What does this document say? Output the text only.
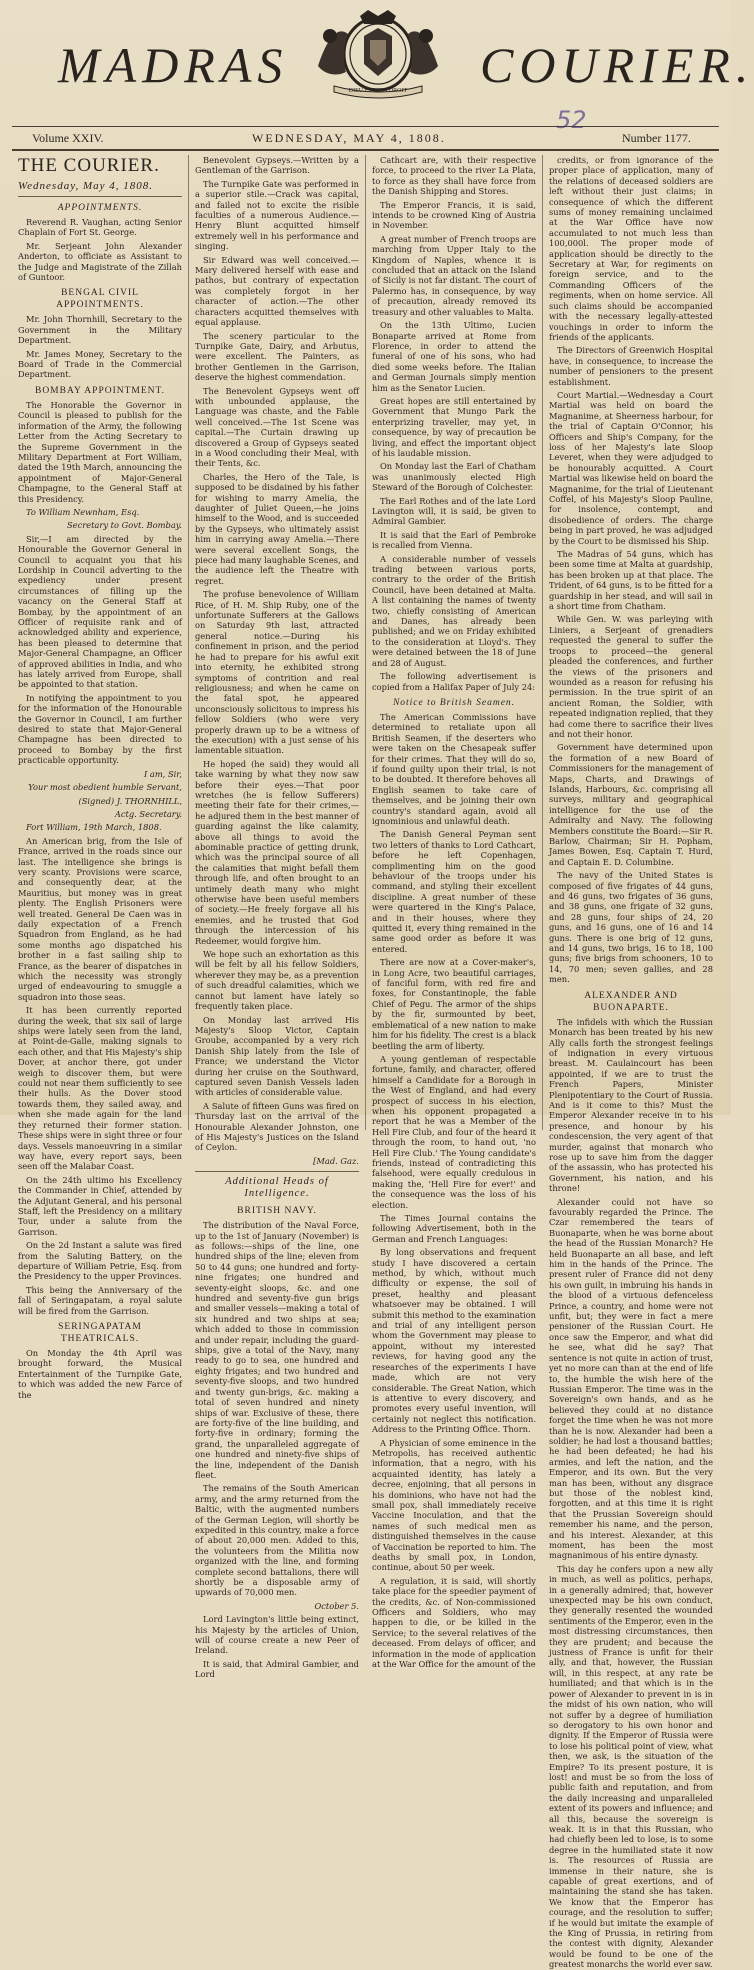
MADRAS	DIEU ET MON DROIT COURIER.
52
Volume XXIV.	WEDNESDAY, MAY 4, 1808.	Number 1177.
THE COURIER.
Wednesday, May 4, 1808.
APPOINTMENTS.

Reverend R. Vaughan, acting Senior Chaplain of Fort St. George.

Mr. Serjeant John Alexander Anderton, to officiate as Assistant to the Judge and Magistrate of the Zillah of Guntoor.

BENGAL CIVIL APPOINTMENTS.

Mr. John Thornhill, Secretary to the Government in the Military Department.

Mr. James Money, Secretary to the Board of Trade in the Commercial Department.

BOMBAY APPOINTMENT.

The Honorable the Governor in Council is pleased to publish for the information of the Army, the following Letter from the Acting Secretary to the Supreme Government in the Military Department at Fort William, dated the 19th March, announcing the appointment of Major-General Champagne, to the General Staff at this Presidency.

To William Newnham, Esq.

Secretary to Govt. Bombay.

Sir,—I am directed by the Honourable the Governor General in Council to acquaint you that his Lordship in Council adverting to the expediency under present circumstances of filling up the vacancy on the General Staff at Bombay, by the appointment of an Officer of requisite rank and of acknowledged ability and experience, has been pleased to determine that Major-General Champagne, an Officer of approved abilities in India, and who has lately arrived from Europe, shall be appointed to that station.

In notifying the appointment to you for the information of the Honourable the Governor in Council, I am further desired to state that Major-General Champagne has been directed to proceed to Bombay by the first practicable opportunity.

I am, Sir,

Your most obedient humble Servant,

(Signed) J. THORNHILL,

Actg. Secretary.

Fort William, 19th March, 1808.

An American brig, from the Isle of France, arrived in the roads since our last. The intelligence she brings is very scanty. Provisions were scarce, and consequently dear, at the Mauritius, but money was in great plenty. The English Prisoners were well treated. General De Caen was in daily expectation of a French Squadron from England, as he had some months ago dispatched his brother in a fast sailing ship to France, as the bearer of dispatches in which the necessity was strongly urged of endeavouring to smuggle a squadron into those seas.

It has been currently reported during the week, that six sail of large ships were lately seen from the land, at Point-de-Galle, making signals to each other, and that His Majesty's ship Dover, at anchor there, got under weigh to discover them, but were could not near them sufficiently to see their hulls. As the Dover stood towards them, they sailed away, and when she made again for the land they returned their former station. These ships were in sight three or four days. Vessels manoeuvring in a similar way have, every report says, been seen off the Malabar Coast.

On the 24th ultimo his Excellency the Commander in Chief, attended by the Adjutant General, and his personal Staff, left the Presidency on a military Tour, under a salute from the Garrison.

On the 2d Instant a salute was fired from the Saluting Battery, on the departure of William Petrie, Esq. from the Presidency to the upper Provinces.

This being the Anniversary of the fall of Seringapatam, a royal salute will be fired from the Garrison.

SERINGAPATAM THEATRICALS.

On Monday the 4th April was brought forward, the Musical Entertainment of the Turnpike Gate, to which was added the new Farce of the

Benevolent Gypseys.—Written by a Gentleman of the Garrison.

The Turnpike Gate was performed in a superior stile.—Crack was capital, and failed not to excite the risible faculties of a numerous Audience.—Henry Blunt acquitted himself extremely well in his performance and singing.

Sir Edward was well conceived.—Mary delivered herself with ease and pathos, but contrary of expectation was completely forgot in her character of action.—The other characters acquitted themselves with equal applause.

The scenery particular to the Turnpike Gate, Dairy, and Arbutus, were excellent. The Painters, as brother Gentlemen in the Garrison, deserve the highest commendation.

The Benevolent Gypseys went off with unbounded applause, the Language was chaste, and the Fable well conceived.—The 1st Scene was capital.—The Curtain drawing up discovered a Group of Gypseys seated in a Wood concluding their Meal, with their Tents, &c.

Charles, the Hero of the Tale, is supposed to be disdained by his father for wishing to marry Amelia, the daughter of Juliet Queen,—he joins himself to the Wood, and is succeeded by the Gypseys, who ultimately assist him in carrying away Amelia.—There were several excellent Songs, the piece had many laughable Scenes, and the audience left the Theatre with regret.

The profuse benevolence of William Rice, of H. M. Ship Ruby, one of the unfortunate Sufferers at the Gallows on Saturday 9th last, attracted general notice.—During his confinement in prison, and the period he had to prepare for his awful exit into eternity, he exhibited strong symptoms of contrition and real religiousness; and when he came on the fatal spot, he appeared unconsciously solicitous to impress his fellow Soldiers (who were very properly drawn up to be a witness of the execution) with a just sense of his lamentable situation.

He hoped (he said) they would all take warning by what they now saw before their eyes.—That poor wretches (he is fellow Sufferers) meeting their fate for their crimes,—he adjured them in the best manner of guarding against the like calamity, above all things to avoid the abominable practice of getting drunk, which was the principal source of all the calamities that might befall them through life, and often brought to an untimely death many who might otherwise have been useful members of society.—He freely forgave all his enemies, and he trusted that God through the intercession of his Redeemer, would forgive him.

We hope such an exhortation as this will be felt by all his fellow Soldiers, wherever they may be, as a prevention of such dreadful calamities, which we cannot but lament have lately so frequently taken place.

On Monday last arrived His Majesty's Sloop Victor, Captain Groube, accompanied by a very rich Danish Ship lately from the Isle of France; we understand the Victor during her cruise on the Southward, captured seven Danish Vessels laden with articles of considerable value.

A Salute of fifteen Guns was fired on Thursday last on the arrival of the Honourable Alexander Johnston, one of His Majesty's Justices on the Island of Ceylon.

[Mad. Gaz.

Additional Heads of Intelligence.
BRITISH NAVY.

The distribution of the Naval Force, up to the 1st of January (November) is as follows:—ships of the line, one hundred ships of the line; eleven from 50 to 44 guns; one hundred and forty-nine frigates; one hundred and seventy-eight sloops, &c. and one hundred and seventy-five gun brigs and smaller vessels—making a total of six hundred and two ships at sea; which added to those in commission and under repair, including the guard-ships, give a total of the Navy, many ready to go to sea, one hundred and eighty frigates; and two hundred and seventy-five sloops, and two hundred and twenty gun-brigs, &c. making a total of seven hundred and ninety ships of war. Exclusive of these, there are forty-five of the line building, and forty-five in ordinary; forming the grand, the unparalleled aggregate of one hundred and ninety-five ships of the line, independent of the Danish fleet.

The remains of the South American army, and the army returned from the Baltic, with the augmented numbers of the German Legion, will shortly be expedited in this country, make a force of about 20,000 men. Added to this, the volunteers from the Militia now organized with the line, and forming complete second battalions, there will shortly be a disposable army of upwards of 70,000 men.

October 5.

Lord Lavington's little being extinct, his Majesty by the articles of Union, will of course create a new Peer of Ireland.

It is said, that Admiral Gambier, and Lord

Cathcart are, with their respective force, to proceed to the river La Plata, to force as they shall have force from the Danish Shipping and Stores.

The Emperor Francis, it is said, intends to be crowned King of Austria in November.

A great number of French troops are marching from Upper Italy to the Kingdom of Naples, whence it is concluded that an attack on the Island of Sicily is not far distant. The court of Palermo has, in consequence, by way of precaution, already removed its treasury and other valuables to Malta.

On the 13th Ultimo, Lucien Bonaparte arrived at Rome from Florence, in order to attend the funeral of one of his sons, who had died some weeks before. The Italian and German Journals simply mention him as the Senator Lucien.

Great hopes are still entertained by Government that Mungo Park the enterprizing traveller, may yet, in consequence, by way of precaution be living, and effect the important object of his laudable mission.

On Monday last the Earl of Chatham was unanimously elected High Steward of the Borough of Colchester.

The Earl Rothes and of the late Lord Lavington will, it is said, be given to Admiral Gambier.

It is said that the Earl of Pembroke is recalled from Vienna.

A considerable number of vessels trading between various ports, contrary to the order of the British Council, have been detained at Malta. A list containing the names of twenty two, chiefly consisting of American and Danes, has already been published; and we on Friday exhibited to the consideration at Lloyd's. They were detained between the 18 of June and 28 of August.

The following advertisement is copied from a Halifax Paper of July 24:

Notice to British Seamen.

The American Commissions have determined to retaliate upon all British Seamen, if the deserters who were taken on the Chesapeak suffer for their crimes. That they will do so, if found guilty upon their trial, is not to be doubted. It therefore behoves all English seamen to take care of themselves, and be joining their own country's standard again, avoid all ignominious and unlawful death.

The Danish General Peyman sent two letters of thanks to Lord Cathcart, before he left Copenhagen, complimenting him on the good behaviour of the troops under his command, and styling their excellent discipline. A great number of these were quartered in the King's Palace, and in their houses, where they quitted it, every thing remained in the same good order as before it was entered.

There are now at a Cover-maker's, in Long Acre, two beautiful carriages, of fanciful form, with red fire and foxes, for Constantinople, the fable Chief of Pegu. The armor of the ships by the fir, surmounted by beet, emblematical of a new nation to make him for his fidelity. The crest is a black beetling the arm of liberty.

A young gentleman of respectable fortune, family, and character, offered himself a Candidate for a Borough in the West of England, and had every prospect of success in his election, when his opponent propagated a report that he was a Member of the Hell Fire Club, and four of the heard it through the room, to hand out, 'no Hell Fire Club.' The Young candidate's friends, instead of contradicting this falsehood, were equally credulous in making the, 'Hell Fire for ever!' and the consequence was the loss of his election.

The Times Journal contains the following Advertisement, both in the German and French Languages:

By long observations and frequent study I have discovered a certain method, by which, without much difficulty or expense, the soil of preset, healthy and pleasant whatsoever may be obtained. I will submit this method to the examination and trial of any intelligent person whom the Government may please to appoint, without my interested reviews, for having good any the researches of the experiments I have made, which are not very considerable. The Great Nation, which is attentive to every discovery, and promotes every useful invention, will certainly not neglect this notification. Address to the Printing Office. Thorn.

A Physician of some eminence in the Metropolis, has received authentic information, that a negro, with his acquainted identity, has lately a decree, enjoining, that all persons in his dominions, who have not had the small pox, shall immediately receive Vaccine Inoculation, and that the names of such medical men as distinguished themselves in the cause of Vaccination be reported to him. The deaths by small pox, in London, continue, about 50 per week.

A regulation, it is said, will shortly take place for the speedier payment of the credits, &c. of Non-commissioned Officers and Soldiers, who may happen to die, or be killed in the Service; to the several relatives of the deceased. From delays of officer, and information in the mode of application at the War Office for the amount of the

credits, or from ignorance of the proper place of application, many of the relations of deceased soldiers are left without their just claims; in consequence of which the different sums of money remaining unclaimed at the War Office have now accumulated to not much less than 100,000l. The proper mode of application should be directly to the Secretary at War, for regiments on foreign service, and to the Commanding Officers of the regiments, when on home service. All such claims should be accompanied with the necessary legally-attested vouchings in order to inform the friends of the applicants.

The Directors of Greenwich Hospital have, in consequence, to increase the number of pensioners to the present establishment.

Court Martial.—Wednesday a Court Martial was held on board the Magnanime, at Sheerness harbour, for the trial of Captain O'Connor, his Officers and Ship's Company, for the loss of her Majesty's late Sloop Leveret, when they were adjudged to be honourably acquitted. A Court Martial was likewise held on board the Magnanime, for the trial of Lieutenant Coffel, of his Majesty's Sloop Pauline, for insolence, contempt, and disobedience of orders. The charge being in part proved, he was adjudged by the Court to be dismissed his Ship.

The Madras of 54 guns, which has been some time at Malta at guardship, has been broken up at that place. The Trident, of 64 guns, is to be fitted for a guardship in her stead, and will sail in a short time from Chatham.

While Gen. W. was parleying with Liniers, a Serjeant of grenadiers requested the general to suffer the troops to proceed—the general pleaded the conferences, and further the views of the prisoners and wounded as a reason for refusing his permission. In the true spirit of an ancient Roman, the Soldier, with repeated indignation replied, that they had come there to sacrifice their lives and not their honor.

Government have determined upon the formation of a new Board of Commissioners for the management of Maps, Charts, and Drawings of Islands, Harbours, &c. comprising all surveys, military and geographical intelligence for the use of the Admiralty and Navy. The following Members constitute the Board:—Sir R. Barlow, Chairman; Sir H. Popham, James Bowen, Esq. Captain T. Hurd, and Captain E. D. Columbine.

The navy of the United States is composed of five frigates of 44 guns, and 46 guns, two frigates of 36 guns, and 38 guns, one frigate of 32 guns, and 28 guns, four ships of 24, 20 guns, and 16 guns, one of 16 and 14 guns. There is one brig of 12 guns, and 14 guns, two brigs, 16 to 18, 100 guns; five brigs from schooners, 10 to 14, 70 men; seven gallies, and 28 men.

ALEXANDER AND BUONAPARTE.

The infidels with which the Russian Monarch has been treated by his new Ally calls forth the strongest feelings of indignation in every virtuous breast. M. Caulaincourt has been appointed, if we are to trust the French Papers, Minister Plenipotentiary to the Court of Russia. And is it come to this? Must the Emperor Alexander receive in to his presence, and honour by his condescension, the very agent of that murder, against that monarch who rose up to save him from the dagger of the assassin, who has protected his Government, his nation, and his throne!

Alexander could not have so favourably regarded the Prince. The Czar remembered the tears of Buonaparte, when he was borne about the head of the Russian Monarch? He held Buonaparte an all base, and left him in the hands of the Prince. The present ruler of France did not deny his own guilt, in imbruing his hands in the blood of a virtuous defenceless Prince, a country, and home were not unfit, but; they were in fact a mere pensioner of the Russian Court. He once saw the Emperor, and what did he see, what did he say? That sentence is not quite in action of trust, yet no more can than at the end of life to, the humble the wish here of the Russian Emperor. The time was in the Sovereign's own hands, and as he believed they could at no distance forget the time when he was not more than he is now. Alexander had been a soldier; he had lost a thousand battles; he had been defeated; he had his armies, and left the nation, and the Emperor, and its own. But the very man has been, without any disgrace but those of the noblest kind, forgotten, and at this time it is right that the Prussian Sovereign should remember his name, and the person, and his interest. Alexander, at this moment, has been the most magnanimous of his entire dynasty.

This day he confers upon a new ally in much, as well as politics, perhaps, in a generally admired; that, however unexpected may be his own conduct, they generally resented the wounded sentiments of the Emperor, even in the most distressing circumstances, then they are prudent; and because the justness of France is unfit for their ally, and that, however, the Russian will, in this respect, at any rate be humiliated; and that which is in the power of Alexander to prevent in is in the midst of his own nation, who will not suffer by a degree of humiliation so derogatory to his own honor and dignity. If the Emperor of Russia were to lose his political point of view, what then, we ask, is the situation of the Empire? To its present posture, it is lost! and must be so from the loss of public faith and reputation, and from the daily increasing and unparalleled extent of its powers and influence; and all this, because the sovereign is weak. It is in that this Russian, who had chiefly been led to lose, is to some degree in the humiliated state it now is. The resources of Russia are immense in their nature, she is capable of great exertions, and of maintaining the stand she has taken. We know that the Emperor has courage, and the resolution to suffer; if he would but imitate the example of the King of Prussia, in retiring from the contest with dignity, Alexander would be found to be one of the greatest monarchs the world ever saw.
